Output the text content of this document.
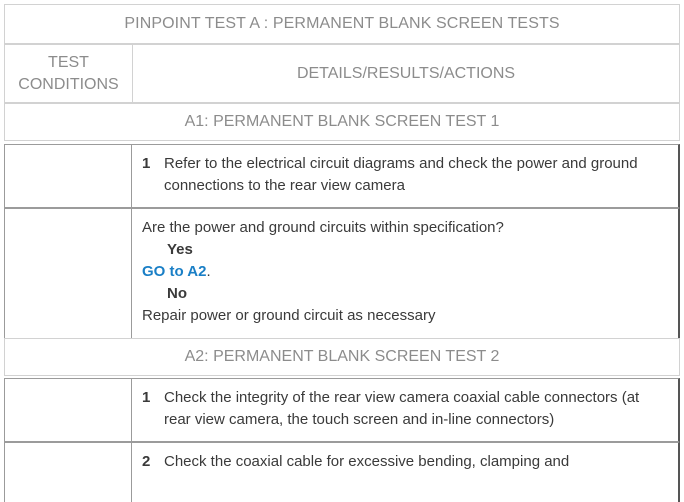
PINPOINT TEST A : PERMANENT BLANK SCREEN TESTS
TEST
CONDITIONS
DETAILS/RESULTS/ACTIONS
A1: PERMANENT BLANK SCREEN TEST 1
1 Refer to the electrical circuit diagrams and check the power and ground connections to the rear view camera
Are the power and ground circuits within specification?
Yes
GO to A2.
No
Repair power or ground circuit as necessary
A2: PERMANENT BLANK SCREEN TEST 2
1 Check the integrity of the rear view camera coaxial cable connectors (at rear view camera, the touch screen and in-line connectors)
2 Check the coaxial cable for excessive bending, clamping and
